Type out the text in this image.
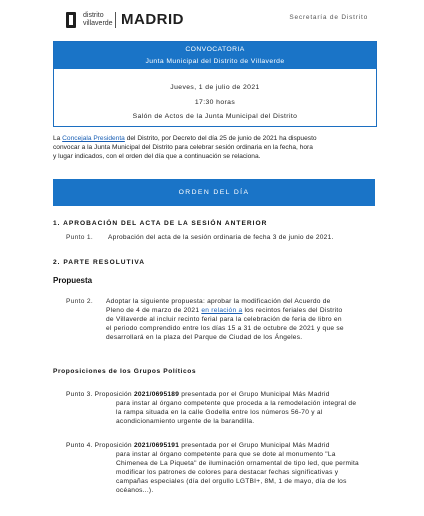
distrito
villaverde MADRID	Secretaría de Distrito
CONVOCATORIA
Junta Municipal del Distrito de Villaverde
Jueves, 1 de julio de 2021
17:30 horas
Salón de Actos de la Junta Municipal del Distrito
La Concejala Presidenta del Distrito, por Decreto del día 25 de junio de 2021 ha dispuesto
convocar a la Junta Municipal del Distrito para celebrar sesión ordinaria en la fecha, hora
y lugar indicados, con el orden del día que a continuación se relaciona.
ORDEN DEL DÍA
1. APROBACIÓN DEL ACTA DE LA SESIÓN ANTERIOR
Punto 1. Aprobación del acta de la sesión ordinaria de fecha 3 de junio de 2021.
2. PARTE RESOLUTIVA
Propuesta
Punto 2. Adoptar la siguiente propuesta: aprobar la modificación del Acuerdo de
Pleno de 4 de marzo de 2021 en relación a los recintos feriales del Distrito
de Villaverde al incluir recinto ferial para la celebración de feria de libro en
el periodo comprendido entre los días 15 a 31 de octubre de 2021 y que se
desarrollará en la plaza del Parque de Ciudad de los Ángeles.
Proposiciones de los Grupos Políticos
Punto 3. Proposición 2021/0695189 presentada por el Grupo Municipal Más Madrid
para instar al órgano competente que proceda a la remodelación integral de
la rampa situada en la calle Godella entre los números 56-70 y al
acondicionamiento urgente de la barandilla.
Punto 4. Proposición 2021/0695191 presentada por el Grupo Municipal Más Madrid
para instar al órgano competente para que se dote al monumento "La
Chimenea de La Piqueta" de iluminación ornamental de tipo led, que permita
modificar los patrones de colores para destacar fechas significativas y
campañas especiales (día del orgullo LGTBI+, 8M, 1 de mayo, día de los
océanos...).
